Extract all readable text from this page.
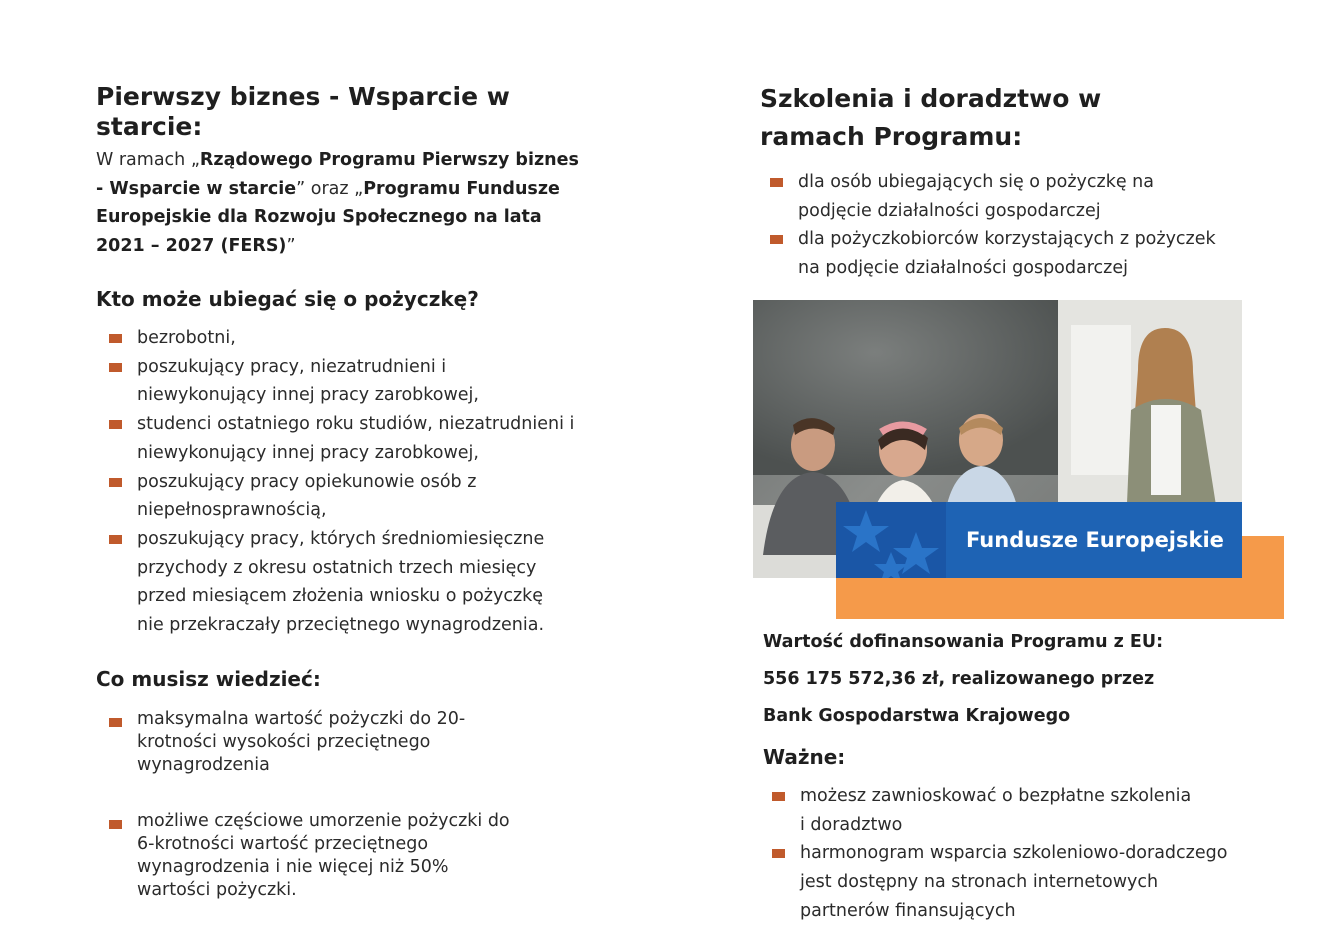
Pierwszy biznes - Wsparcie w starcie:

W ramach „Rządowego Programu Pierwszy biznes - Wsparcie w starcie” oraz „Programu Fundusze Europejskie dla Rozwoju Społecznego na lata 2021 – 2027 (FERS)”

Kto może ubiegać się o pożyczkę?
bezrobotni,
poszukujący pracy, niezatrudnieni i niewykonujący innej pracy zarobkowej,
studenci ostatniego roku studiów, niezatrudnieni i niewykonujący innej pracy zarobkowej,
poszukujący pracy opiekunowie osób z niepełnosprawnością,
poszukujący pracy, których średniomiesięczne przychody z okresu ostatnich trzech miesięcy przed miesiącem złożenia wniosku o pożyczkę nie przekraczały przeciętnego wynagrodzenia.
Co musisz wiedzieć:
maksymalna wartość pożyczki do 20-krotności wysokości przeciętnego wynagrodzenia
możliwe częściowe umorzenie pożyczki do 6-krotności wartość przeciętnego wynagrodzenia i nie więcej niż 50% wartości pożyczki.
Szkolenia i doradztwo w ramach Programu:
dla osób ubiegających się o pożyczkę na podjęcie działalności gospodarczej
dla pożyczkobiorców korzystających z pożyczek na podjęcie działalności gospodarczej
Fundusze Europejskie
Wartość dofinansowania Programu z EU:
556 175 572,36 zł, realizowanego przez
Bank Gospodarstwa Krajowego
Ważne:
możesz zawnioskować o bezpłatne szkolenia i doradztwo
harmonogram wsparcia szkoleniowo-doradczego jest dostępny na stronach internetowych partnerów finansujących
